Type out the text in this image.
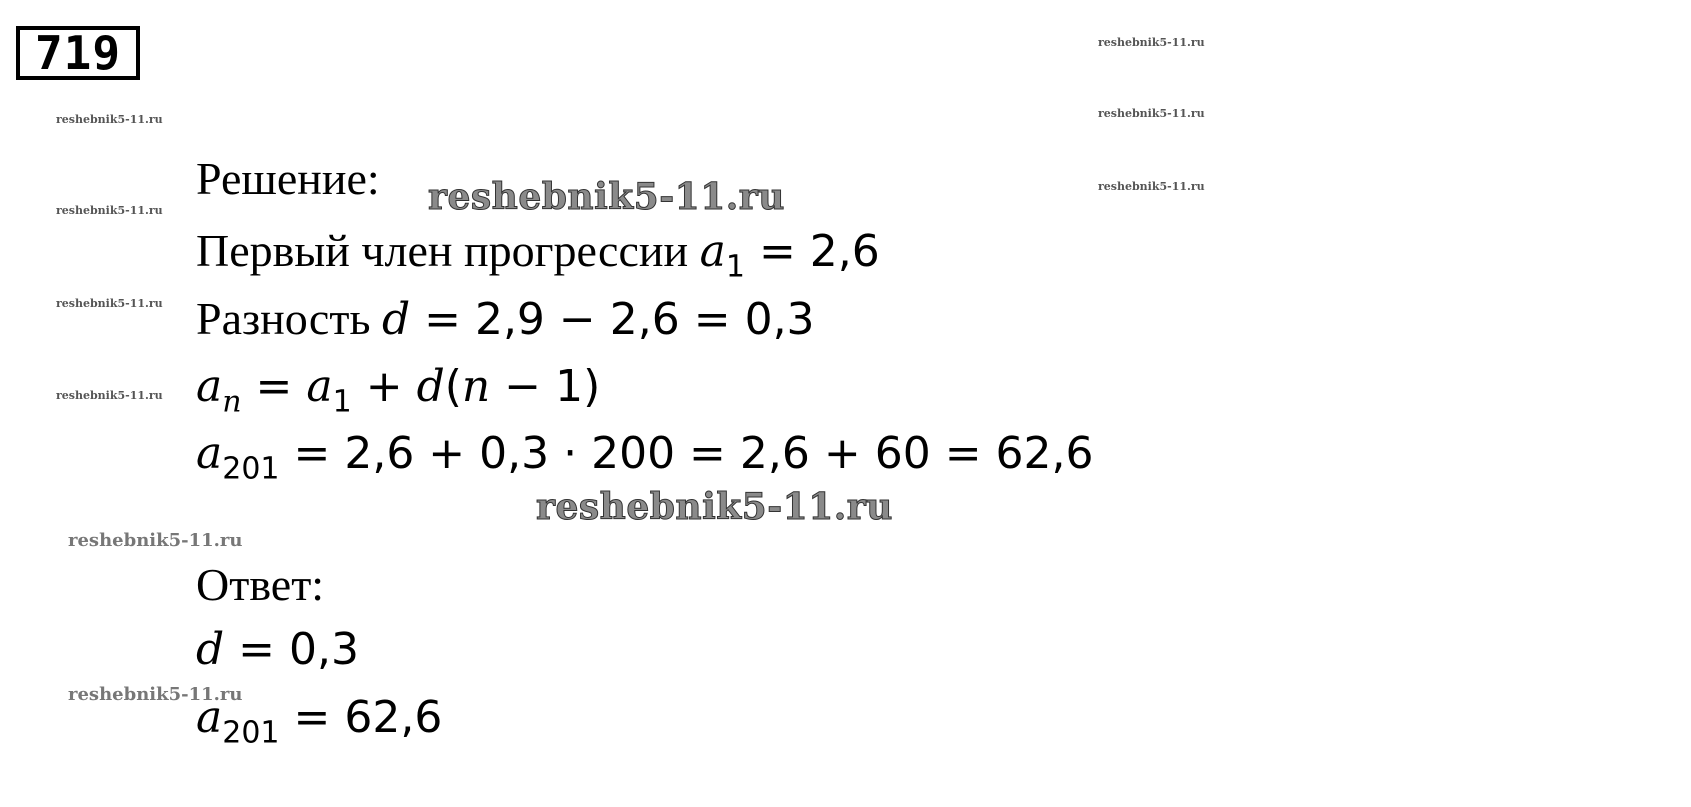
719	reshebnik5-11.ru
reshebnik5-11.ru
reshebnik5-11.ru
reshebnik5-11.ru
reshebnik5-11.ru
reshebnik5-11.ru
reshebnik5-11.ru
reshebnik5-11.ru
reshebnik5-11.ru
Решение:
Первый член прогрессии $a_1 = 2,6$
Разность d = 2,9 − 2,6 = 0,3
$a_n = a_1 + d(n - 1)$
$a_{201} = 2,6 + 0,3 \cdot 200 = 2,6 + 60 = 62,6$
Ответ:
d = 0,3
$a_{201} = 62,6$
reshebnik5-11.ru
reshebnik5-11.ru
